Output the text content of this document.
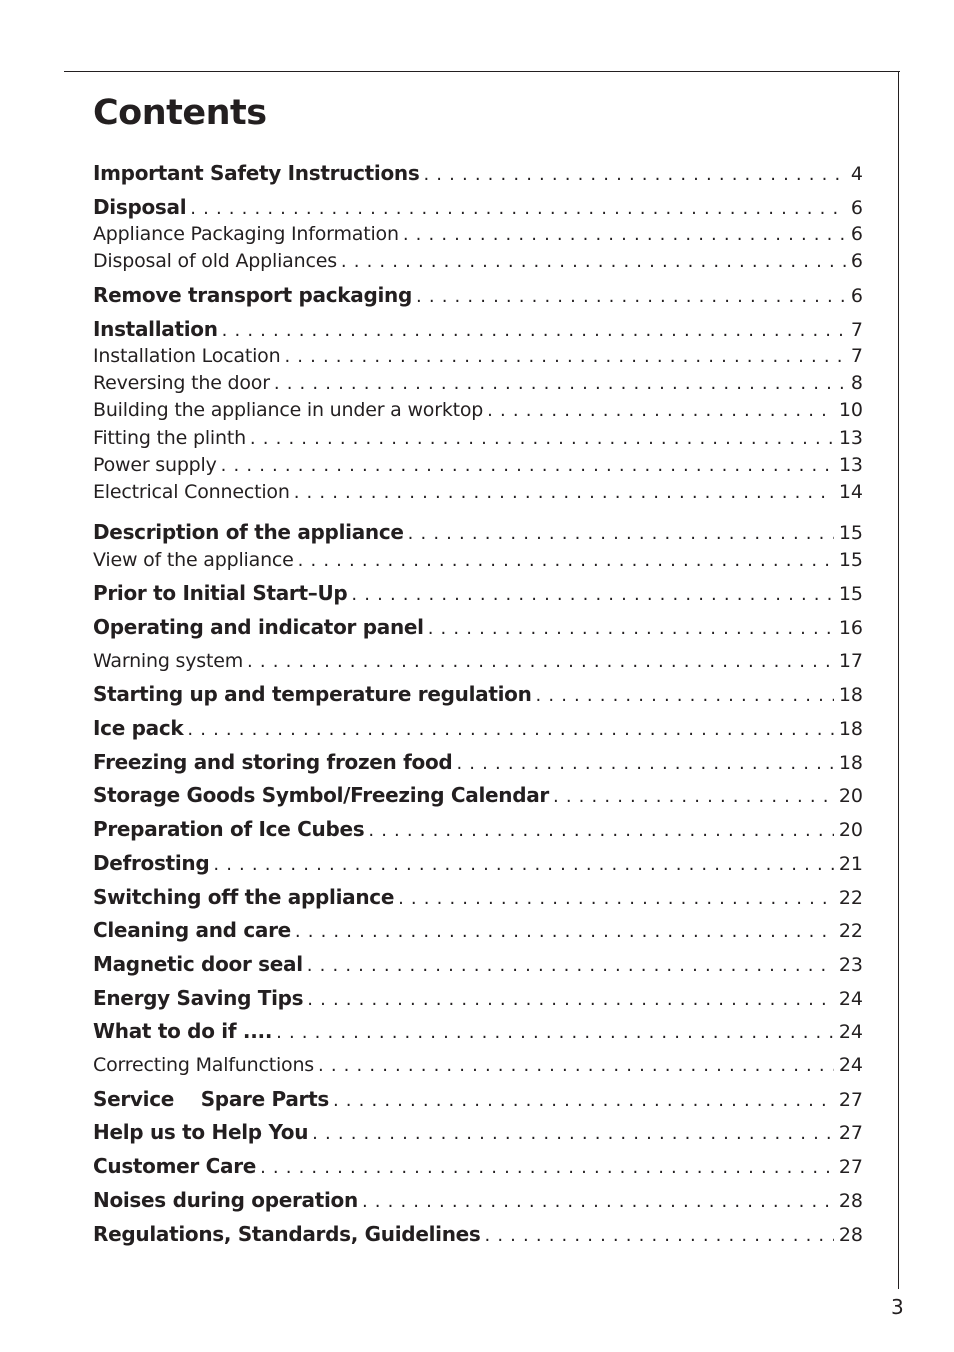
Contents
Important Safety Instructions . . .	4
Disposal . . .	6
Appliance Packaging Information . . .	6
Disposal of old Appliances . . .	6
Remove transport packaging . . .	6
Installation . . .	7
Installation Location . . .	7
Reversing the door . . .	8
Building the appliance in under a worktop . . .	10
Fitting the plinth . . .	13
Power supply . . .	13
Electrical Connection . . .	14
Description of the appliance . . .	15
View of the appliance . . .	15
Prior to Initial Start–Up . . .	15
Operating and indicator panel . . .	16
Warning system . . .	17
Starting up and temperature regulation . . .	18
Ice pack . . .	18
Freezing and storing frozen food . . .	18
Storage Goods Symbol/Freezing Calendar . . .	20
Preparation of Ice Cubes . . .	20
Defrosting . . .	21
Switching off the appliance . . .	22
Cleaning and care . . .	22
Magnetic door seal . . .	23
Energy Saving Tips . . .	24
What to do if .... . . .	24
Correcting Malfunctions . . .	24
Service    Spare Parts . . .	27
Help us to Help You . . .	27
Customer Care . . .	27
Noises during operation . . .	28
Regulations, Standards, Guidelines . . .	28
3
